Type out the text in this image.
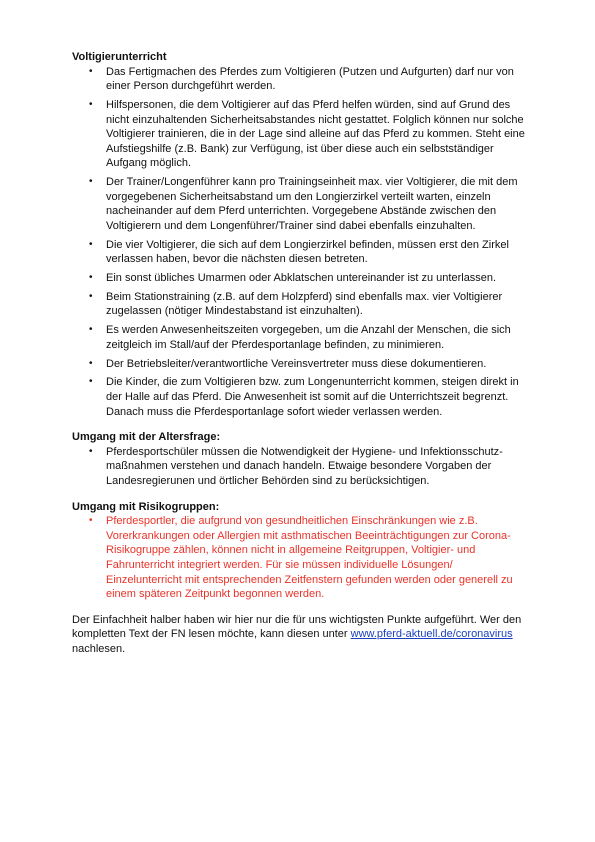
Voltigierunterricht
• Das Fertigmachen des Pferdes zum Voltigieren (Putzen und Aufgurten) darf nur von einer Person durchgeführt werden.
• Hilfspersonen, die dem Voltigierer auf das Pferd helfen würden, sind auf Grund des nicht einzuhaltenden Sicherheitsabstandes nicht gestattet. Folglich können nur solche Voltigierer trainieren, die in der Lage sind alleine auf das Pferd zu kommen. Steht eine Aufstiegshilfe (z.B. Bank) zur Verfügung, ist über diese auch ein selbstständiger Aufgang möglich.
• Der Trainer/Longenführer kann pro Trainingseinheit max. vier Voltigierer, die mit dem vorgegebenen Sicherheitsabstand um den Longierzirkel verteilt warten, einzeln nacheinander auf dem Pferd unterrichten. Vorgegebene Abstände zwischen den Voltigierern und dem Longenführer/Trainer sind dabei ebenfalls einzuhalten.
• Die vier Voltigierer, die sich auf dem Longierzirkel befinden, müssen erst den Zirkel verlassen haben, bevor die nächsten diesen betreten.
• Ein sonst übliches Umarmen oder Abklatschen untereinander ist zu unterlassen.
• Beim Stationstraining (z.B. auf dem Holzpferd) sind ebenfalls max. vier Voltigierer zugelassen (nötiger Mindestabstand ist einzuhalten).
• Es werden Anwesenheitszeiten vorgegeben, um die Anzahl der Menschen, die sich zeitgleich im Stall/auf der Pferdesportanlage befinden, zu minimieren.
• Der Betriebsleiter/verantwortliche Vereinsvertreter muss diese dokumentieren.
• Die Kinder, die zum Voltigieren bzw. zum Longenunterricht kommen, steigen direkt in der Halle auf das Pferd. Die Anwesenheit ist somit auf die Unterrichtszeit begrenzt. Danach muss die Pferdesportanlage sofort wieder verlassen werden.
Umgang mit der Altersfrage:
• Pferdesportschüler müssen die Notwendigkeit der Hygiene- und Infektionsschutz-maßnahmen verstehen und danach handeln. Etwaige besondere Vorgaben der Landesregierunen und örtlicher Behörden sind zu berücksichtigen.
Umgang mit Risikogruppen:
• Pferdesportler, die aufgrund von gesundheitlichen Einschränkungen wie z.B. Vorerkrankungen oder Allergien mit asthmatischen Beeinträchtigungen zur Corona- Risikogruppe zählen, können nicht in allgemeine Reitgruppen, Voltigier- und Fahrunterricht integriert werden. Für sie müssen individuelle Lösungen/ Einzelunterricht mit entsprechenden Zeitfenstern gefunden werden oder generell zu einem späteren Zeitpunkt begonnen werden.

Der Einfachheit halber haben wir hier nur die für uns wichtigsten Punkte aufgeführt. Wer den kompletten Text der FN lesen möchte, kann diesen unter www.pferd-aktuell.de/coronavirus nachlesen.
